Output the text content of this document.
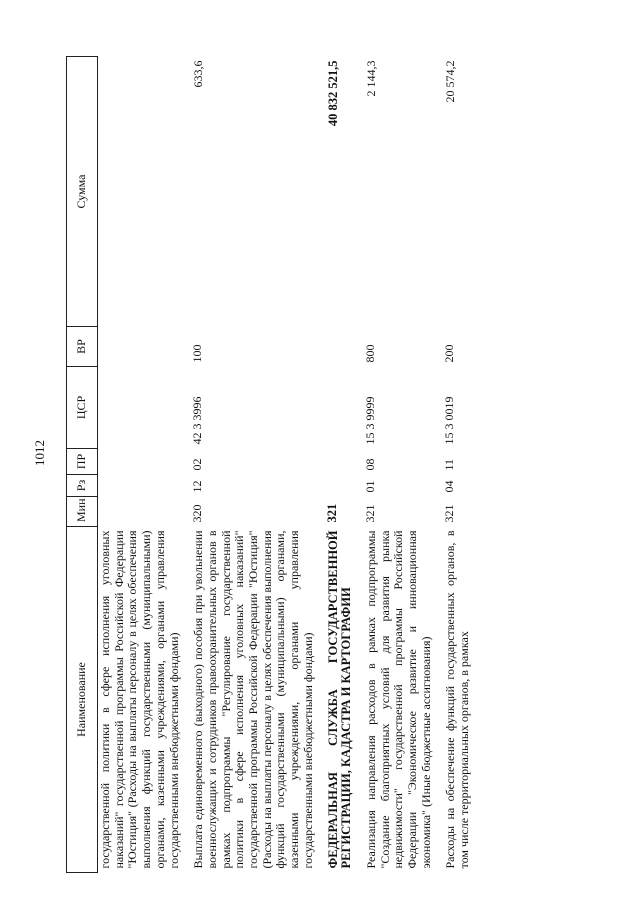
1012
Наименование	Мин	Рз	ПР	ЦСР	ВР	Сумма
государственной политики в сфере исполнения уголовных наказаний" государственной программы Российской Федерации "Юстиция" (Расходы на выплаты персоналу в целях обеспечения выполнения функций государственными (муниципальными) органами, казенными учреждениями, органами управления государственными внебюджетными фондами)						
Выплата единовременного (выходного) пособия при увольнении военнослужащих и сотрудников правоохранительных органов в рамках подпрограммы "Регулирование государственной политики в сфере исполнения уголовных наказаний" государственной программы Российской Федерации "Юстиция" (Расходы на выплаты персоналу в целях обеспечения выполнения функций государственными (муниципальными) органами, казенными учреждениями, органами управления государственными внебюджетными фондами)	320	12	02	42 3 3996	100	633,6
ФЕДЕРАЛЬНАЯ СЛУЖБА ГОСУДАРСТВЕННОЙ РЕГИСТРАЦИИ, КАДАСТРА И КАРТОГРАФИИ	321					40 832 521,5
Реализация направления расходов в рамках подпрограммы "Создание благоприятных условий для развития рынка недвижимости" государственной программы Российской Федерации "Экономическое развитие и инновационная экономика" (Иные бюджетные ассигнования)	321	01	08	15 3 9999	800	2 144,3
Расходы на обеспечение функций государственных органов, в том числе территориальных органов, в рамках	321	04	11	15 3 0019	200	20 574,2
